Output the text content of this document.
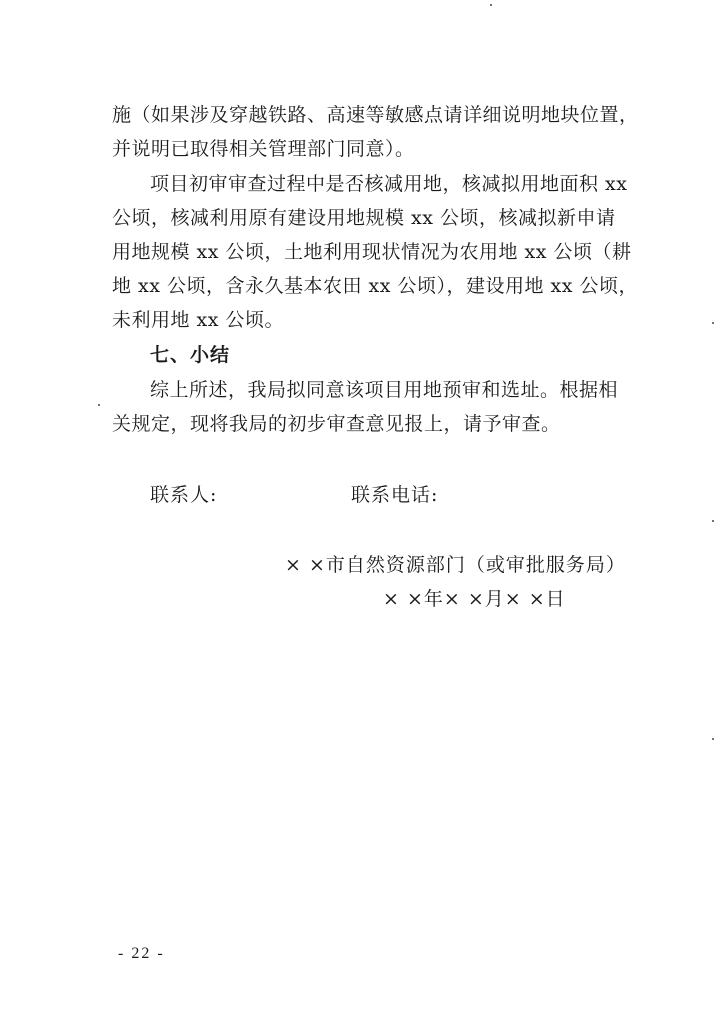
施（如果涉及穿越铁路、高速等敏感点请详细说明地块位置，
并说明已取得相关管理部门同意）。
项目初审审查过程中是否核减用地，核减拟用地面积 xx
公顷，核减利用原有建设用地规模 xx 公顷，核减拟新申请
用地规模 xx 公顷，土地利用现状情况为农用地 xx 公顷（耕
地 xx 公顷，含永久基本农田 xx 公顷），建设用地 xx 公顷，
未利用地 xx 公顷。
七、小结
综上所述，我局拟同意该项目用地预审和选址。根据相
关规定，现将我局的初步审查意见报上，请予审查。
联系人:	联系电话:
× ×市自然资源部门（或审批服务局）
× ×年× ×月× ×日
- 22 -
